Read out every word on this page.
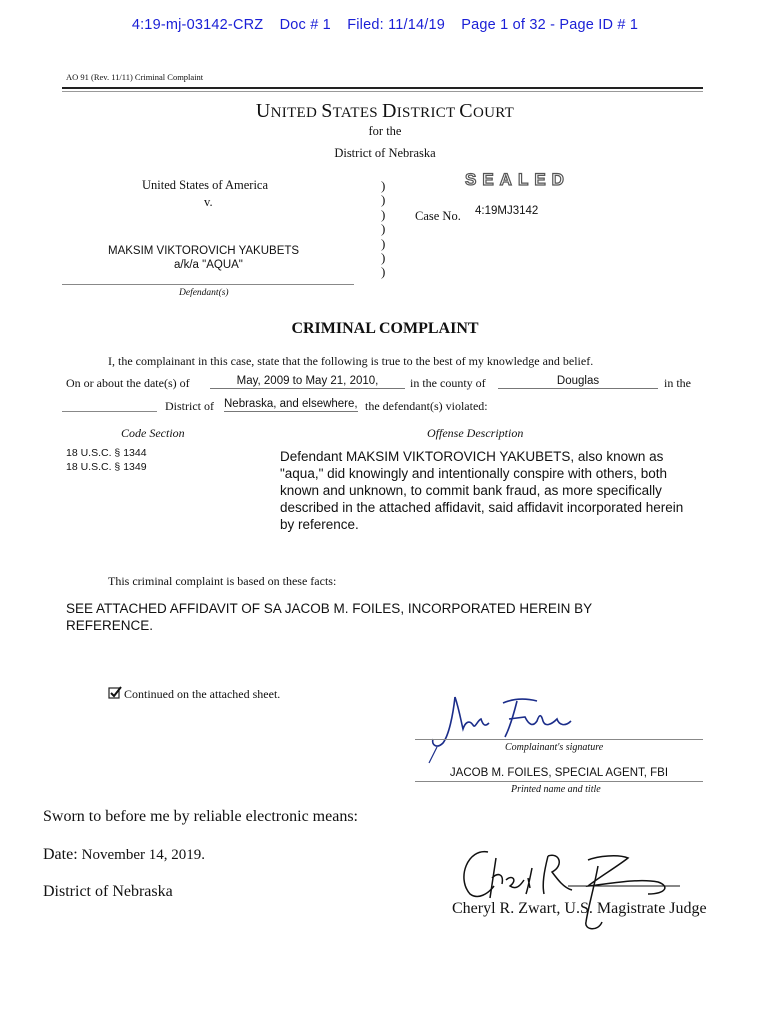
4:19-mj-03142-CRZ Doc # 1 Filed: 11/14/19 Page 1 of 32 - Page ID # 1
AO 91 (Rev. 11/11) Criminal Complaint
UNITED STATES DISTRICT COURT
for the
District of Nebraska
United States of America
v.
MAKSIM VIKTOROVICH YAKUBETS
a/k/a "AQUA"
Defendant(s)
)
)
)
)
)
)
)
SEALED
Case No. 4:19MJ3142
CRIMINAL COMPLAINT
I, the complainant in this case, state that the following is true to the best of my knowledge and belief.
On or about the date(s) of	May, 2009 to May 21, 2010,	in the county of	Douglas	in the
District of Nebraska, and elsewhere, the defendant(s) violated:
Code Section	Offense Description
18 U.S.C. § 1344
18 U.S.C. § 1349
Defendant MAKSIM VIKTOROVICH YAKUBETS, also known as "aqua," did knowingly and intentionally conspire with others, both known and unknown, to commit bank fraud, as more specifically described in the attached affidavit, said affidavit incorporated herein by reference.
This criminal complaint is based on these facts:
SEE ATTACHED AFFIDAVIT OF SA JACOB M. FOILES, INCORPORATED HEREIN BY REFERENCE.
Continued on the attached sheet.
Complainant's signature
JACOB M. FOILES, SPECIAL AGENT, FBI
Printed name and title
Sworn to before me by reliable electronic means:
Date: November 14, 2019.
District of Nebraska
Cheryl R. Zwart, U.S. Magistrate Judge
